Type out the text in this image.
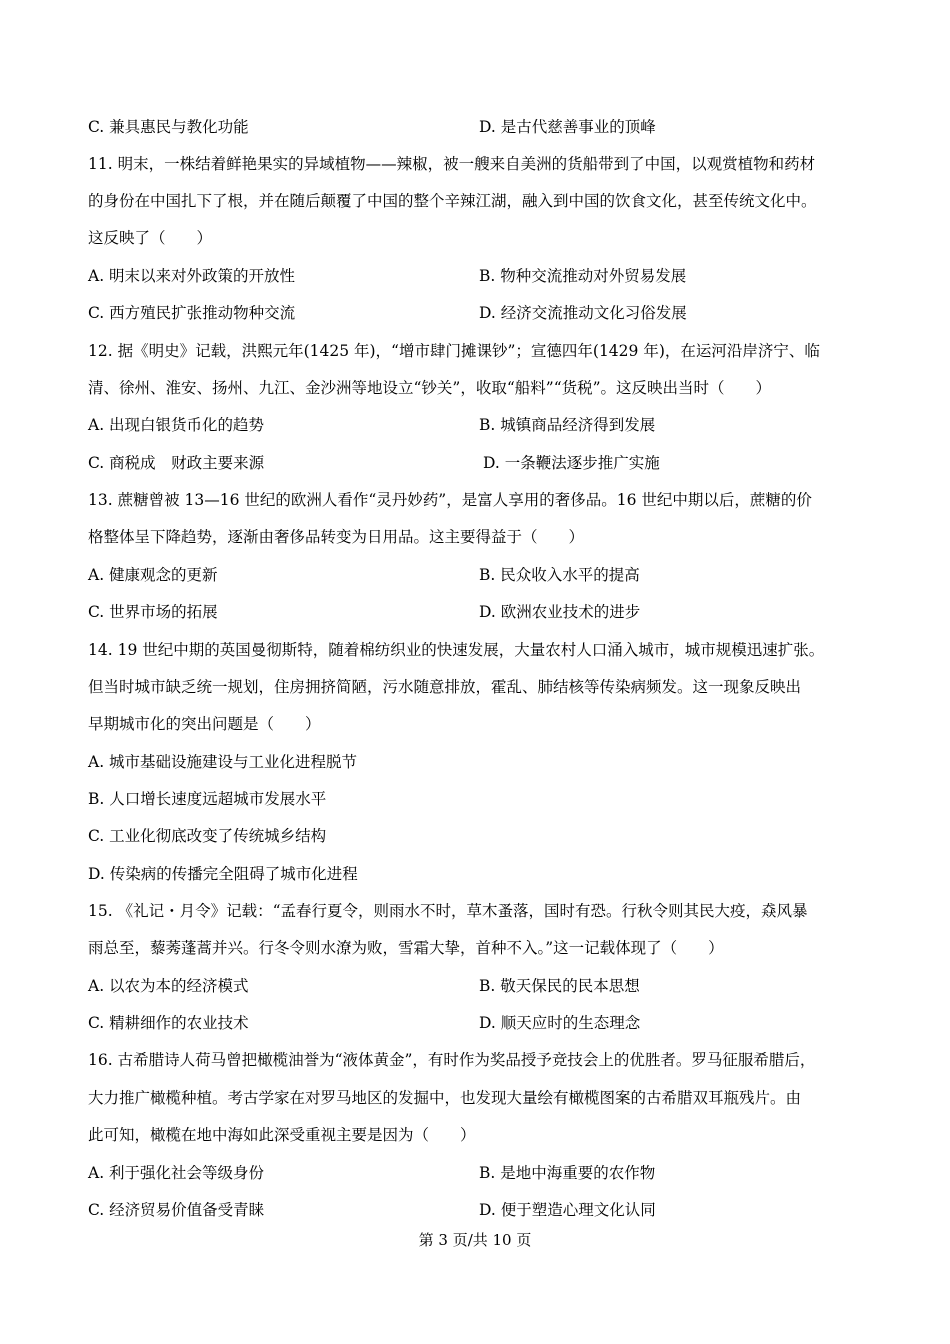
C. 兼具惠民与教化功能	D. 是古代慈善事业的顶峰
11. 明末，一株结着鲜艳果实的异域植物——辣椒，被一艘来自美洲的货船带到了中国，以观赏植物和药材
的身份在中国扎下了根，并在随后颠覆了中国的整个辛辣江湖，融入到中国的饮食文化，甚至传统文化中。
这反映了（　　）
A. 明末以来对外政策的开放性	B. 物种交流推动对外贸易发展
C. 西方殖民扩张推动物种交流	D. 经济交流推动文化习俗发展
12. 据《明史》记载，洪熙元年(1425 年)，“增市肆门摊课钞”；宣德四年(1429 年)，在运河沿岸济宁、临
清、徐州、淮安、扬州、九江、金沙洲等地设立“钞关”，收取“船料”“货税”。这反映出当时（　　）
A. 出现白银货币化的趋势	B. 城镇商品经济得到发展
C. 商税成　财政主要来源	D. 一条鞭法逐步推广实施
13. 蔗糖曾被 13—16 世纪的欧洲人看作“灵丹妙药”，是富人享用的奢侈品。16 世纪中期以后，蔗糖的价
格整体呈下降趋势，逐渐由奢侈品转变为日用品。这主要得益于（　　）
A. 健康观念的更新	B. 民众收入水平的提高
C. 世界市场的拓展	D. 欧洲农业技术的进步
14. 19 世纪中期的英国曼彻斯特，随着棉纺织业的快速发展，大量农村人口涌入城市，城市规模迅速扩张。
但当时城市缺乏统一规划，住房拥挤简陋，污水随意排放，霍乱、肺结核等传染病频发。这一现象反映出
早期城市化的突出问题是（　　）
A. 城市基础设施建设与工业化进程脱节
B. 人口增长速度远超城市发展水平
C. 工业化彻底改变了传统城乡结构
D. 传染病的传播完全阻碍了城市化进程
15. 《礼记・月令》记载：“孟春行夏令，则雨水不时，草木蚤落，国时有恐。行秋令则其民大疫，猋风暴
雨总至，藜莠蓬蒿并兴。行冬令则水潦为败，雪霜大挚，首种不入。”这一记载体现了（　　）
A. 以农为本的经济模式	B. 敬天保民的民本思想
C. 精耕细作的农业技术	D. 顺天应时的生态理念
16. 古希腊诗人荷马曾把橄榄油誉为“液体黄金”，有时作为奖品授予竞技会上的优胜者。罗马征服希腊后，
大力推广橄榄种植。考古学家在对罗马地区的发掘中，也发现大量绘有橄榄图案的古希腊双耳瓶残片。由
此可知，橄榄在地中海如此深受重视主要是因为（　　）
A. 利于强化社会等级身份	B. 是地中海重要的农作物
C. 经济贸易价值备受青睐	D. 便于塑造心理文化认同
第 3 页/共 10 页
